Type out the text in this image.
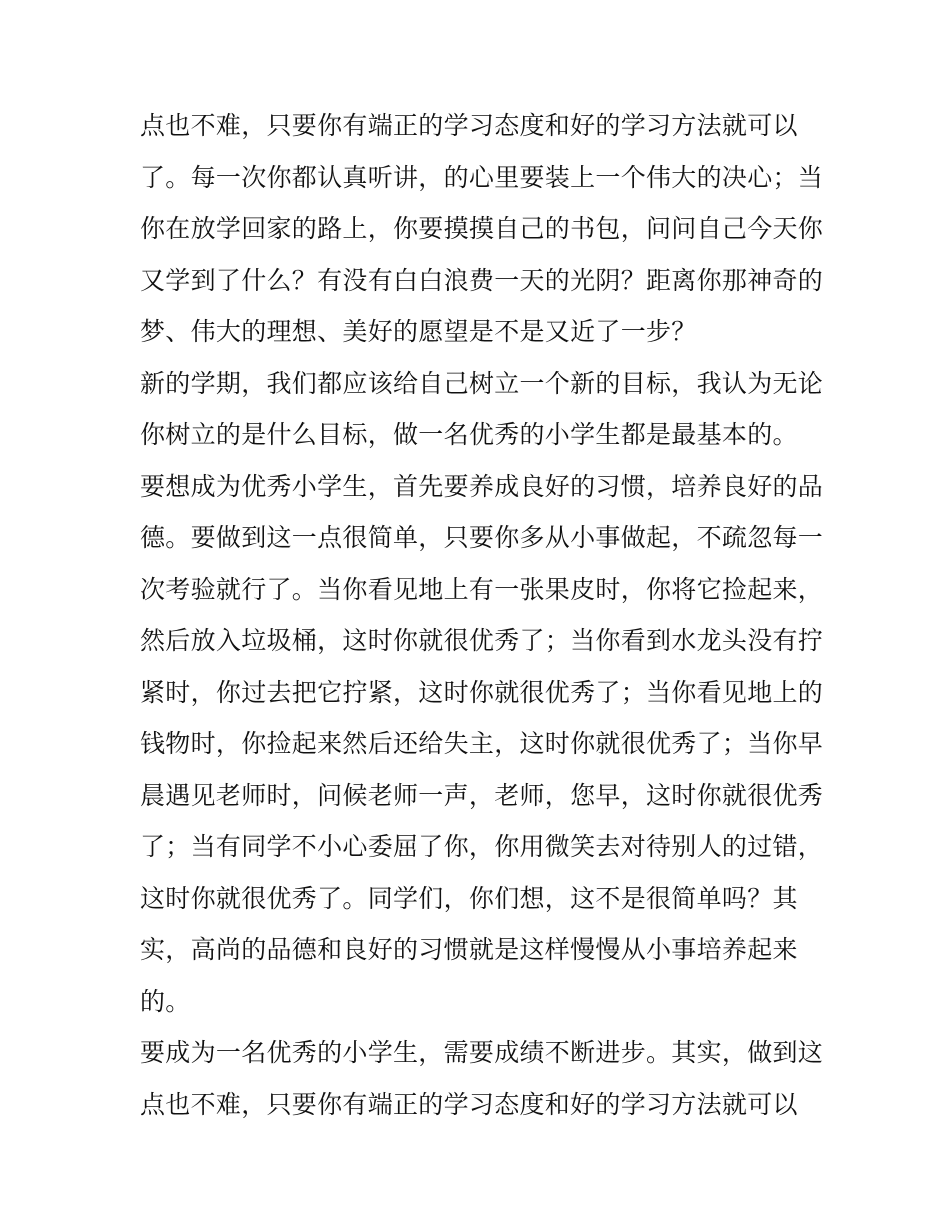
点也不难，只要你有端正的学习态度和好的学习方法就可以
了。每一次你都认真听讲，的心里要装上一个伟大的决心；当
你在放学回家的路上，你要摸摸自己的书包，问问自己今天你
又学到了什么？有没有白白浪费一天的光阴？距离你那神奇的
梦、伟大的理想、美好的愿望是不是又近了一步？
新的学期，我们都应该给自己树立一个新的目标，我认为无论
你树立的是什么目标，做一名优秀的小学生都是最基本的。
要想成为优秀小学生，首先要养成良好的习惯，培养良好的品
德。要做到这一点很简单，只要你多从小事做起，不疏忽每一
次考验就行了。当你看见地上有一张果皮时，你将它捡起来，
然后放入垃圾桶，这时你就很优秀了；当你看到水龙头没有拧
紧时，你过去把它拧紧，这时你就很优秀了；当你看见地上的
钱物时，你捡起来然后还给失主，这时你就很优秀了；当你早
晨遇见老师时，问候老师一声，老师，您早，这时你就很优秀
了；当有同学不小心委屈了你，你用微笑去对待别人的过错，
这时你就很优秀了。同学们，你们想，这不是很简单吗？其
实，高尚的品德和良好的习惯就是这样慢慢从小事培养起来
的。
要成为一名优秀的小学生，需要成绩不断进步。其实，做到这
点也不难，只要你有端正的学习态度和好的学习方法就可以
